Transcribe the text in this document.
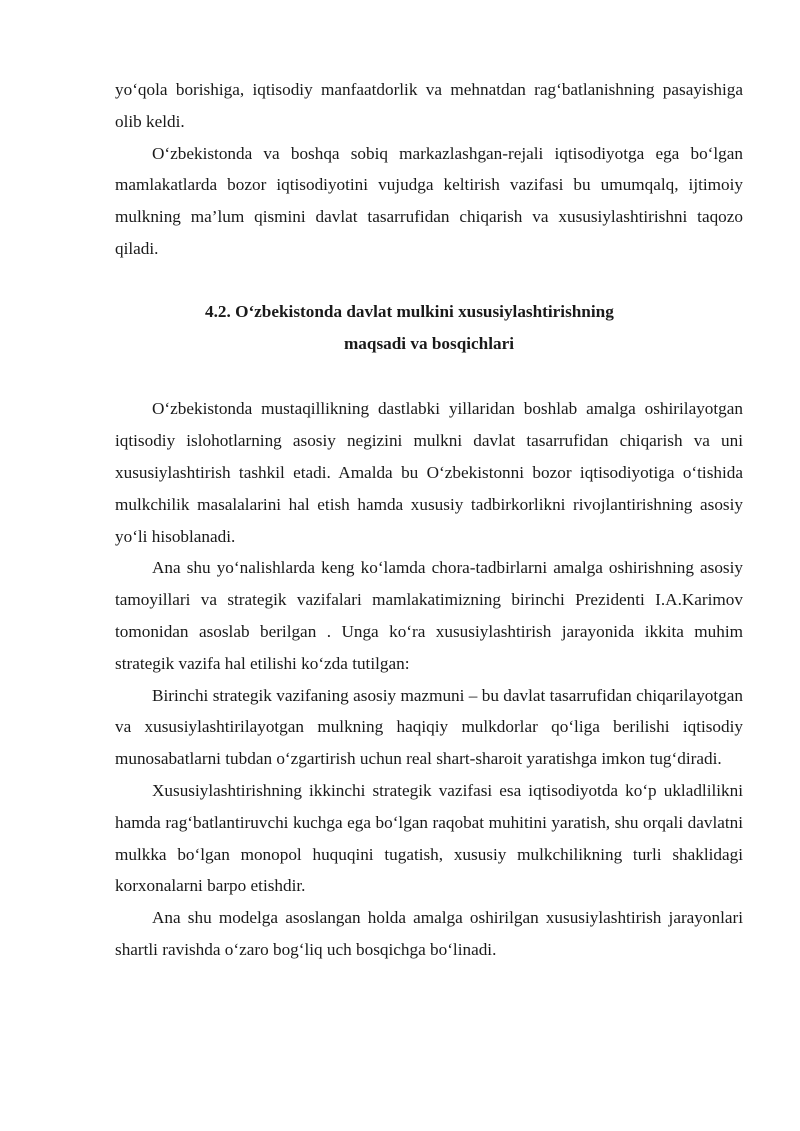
yo‘qola borishiga, iqtisodiy manfaatdorlik va mehnatdan rag‘batlanishning pasayishiga olib keldi.

O‘zbekistonda va boshqa sobiq markazlashgan-rejali iqtisodiyotga ega bo‘lgan mamlakatlarda bozor iqtisodiyotini vujudga keltirish vazifasi bu umumqalq, ijtimoiy mulkning ma’lum qismini davlat tasarrufidan chiqarish va xususiylashtirishni taqozo qiladi.

4.2. O‘zbekistonda davlat mulkini xususiylashtirishning
maqsadi va bosqichlari

O‘zbekistonda mustaqillikning dastlabki yillaridan boshlab amalga oshirilayotgan iqtisodiy islohotlarning asosiy negizini mulkni davlat tasarrufidan chiqarish va uni xususiylashtirish tashkil etadi. Amalda bu O‘zbekistonni bozor iqtisodiyotiga o‘tishida mulkchilik masalalarini hal etish hamda xususiy tadbirkorlikni rivojlantirishning asosiy yo‘li hisoblanadi.

Ana shu yo‘nalishlarda keng ko‘lamda chora-tadbirlarni amalga oshirishning asosiy tamoyillari va strategik vazifalari mamlakatimizning birinchi Prezidenti I.A.Karimov tomonidan asoslab berilgan . Unga ko‘ra xususiylashtirish jarayonida ikkita muhim strategik vazifa hal etilishi ko‘zda tutilgan:

Birinchi strategik vazifaning asosiy mazmuni – bu davlat tasarrufidan chiqarilayotgan va xususiylashtirilayotgan mulkning haqiqiy mulkdorlar qo‘liga berilishi iqtisodiy munosabatlarni tubdan o‘zgartirish uchun real shart-sharoit yaratishga imkon tug‘diradi.

Xususiylashtirishning ikkinchi strategik vazifasi esa iqtisodiyotda ko‘p ukladlilikni hamda rag‘batlantiruvchi kuchga ega bo‘lgan raqobat muhitini yaratish, shu orqali davlatni mulkka bo‘lgan monopol huquqini tugatish, xususiy mulkchilikning turli shaklidagi korxonalarni barpo etishdir.

Ana shu modelga asoslangan holda amalga oshirilgan xususiylashtirish jarayonlari shartli ravishda o‘zaro bog‘liq uch bosqichga bo‘linadi.
